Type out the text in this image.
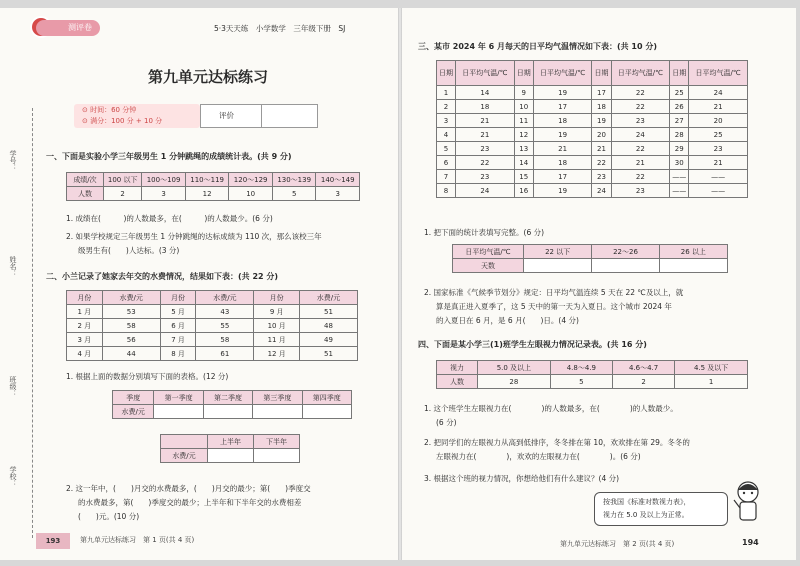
测评卷	5·3天天练　小学数学　三年级下册　SJ
第九单元达标练习
⊙ 时间：60 分钟
⊙ 满分：100 分 + 10 分
评价
学号：
姓名：
班级：
学校：
一、下面是实验小学三年级男生 1 分钟跳绳的成绩统计表。(共 9 分)
成绩/次	100 以下	100～109	110～119	120～129	130～139	140～149
人数	2	3	12	10	5	3
1. 成绩在(　　　)的人数最多，在(　　　)的人数最少。(6 分)
2. 如果学校规定三年级男生 1 分钟跳绳的达标成绩为 110 次，那么该校三年
级男生有(　　)人达标。(3 分)
二、小兰记录了她家去年交的水费情况，结果如下表：(共 22 分)
月份	水费/元	月份	水费/元	月份	水费/元
1 月	53	5 月	43	9 月	51
2 月	58	6 月	55	10 月	48
3 月	56	7 月	58	11 月	49
4 月	44	8 月	61	12 月	51
1. 根据上面的数据分别填写下面的表格。(12 分)
季度	第一季度	第二季度	第三季度	第四季度
水费/元				
	上半年	下半年
水费/元		
2. 这一年中，(　　)月交的水费最多，(　　)月交的最少；第(　　)季度交
的水费最多，第(　　)季度交的最少；上半年和下半年交的水费相差
(　　)元。(10 分)
193	第九单元达标练习　第 1 页(共 4 页)
三、某市 2024 年 6 月每天的日平均气温情况如下表：(共 10 分)
日期	日平均气温/℃	日期	日平均气温/℃	日期	日平均气温/℃	日期	日平均气温/℃
1	14	9	19	17	22	25	24
2	18	10	17	18	22	26	21
3	21	11	18	19	23	27	20
4	21	12	19	20	24	28	25
5	23	13	21	21	22	29	23
6	22	14	18	22	21	30	21
7	23	15	17	23	22	——	——
8	24	16	19	24	23	——	——
1. 把下面的统计表填写完整。(6 分)
日平均气温/℃	22 以下	22～26	26 以上
天数			
2. 国家标准《气候季节划分》规定：日平均气温连续 5 天在 22 ℃及以上，就
算是真正进入夏季了，这 5 天中的第一天为入夏日。这个城市 2024 年
的入夏日在 6 月，是 6 月(　　)日。(4 分)
四、下面是某小学三(1)班学生左眼视力情况记录表。(共 16 分)
视力	5.0 及以上	4.8～4.9	4.6～4.7	4.5 及以下
人数	28	5	2	1
1. 这个班学生左眼视力在(　　　　)的人数最多，在(　　　　)的人数最少。
(6 分)
2. 把同学们的左眼视力从高到低排序，冬冬排在第 10，欢欢排在第 29。冬冬的
左眼视力在(　　　　)，欢欢的左眼视力在(　　　　)。(6 分)
3. 根据这个班的视力情况，你想给他们有什么建议？(4 分)
按我国《标准对数视力表》，
视力在 5.0 及以上为正常。
第九单元达标练习　第 2 页(共 4 页)	194
